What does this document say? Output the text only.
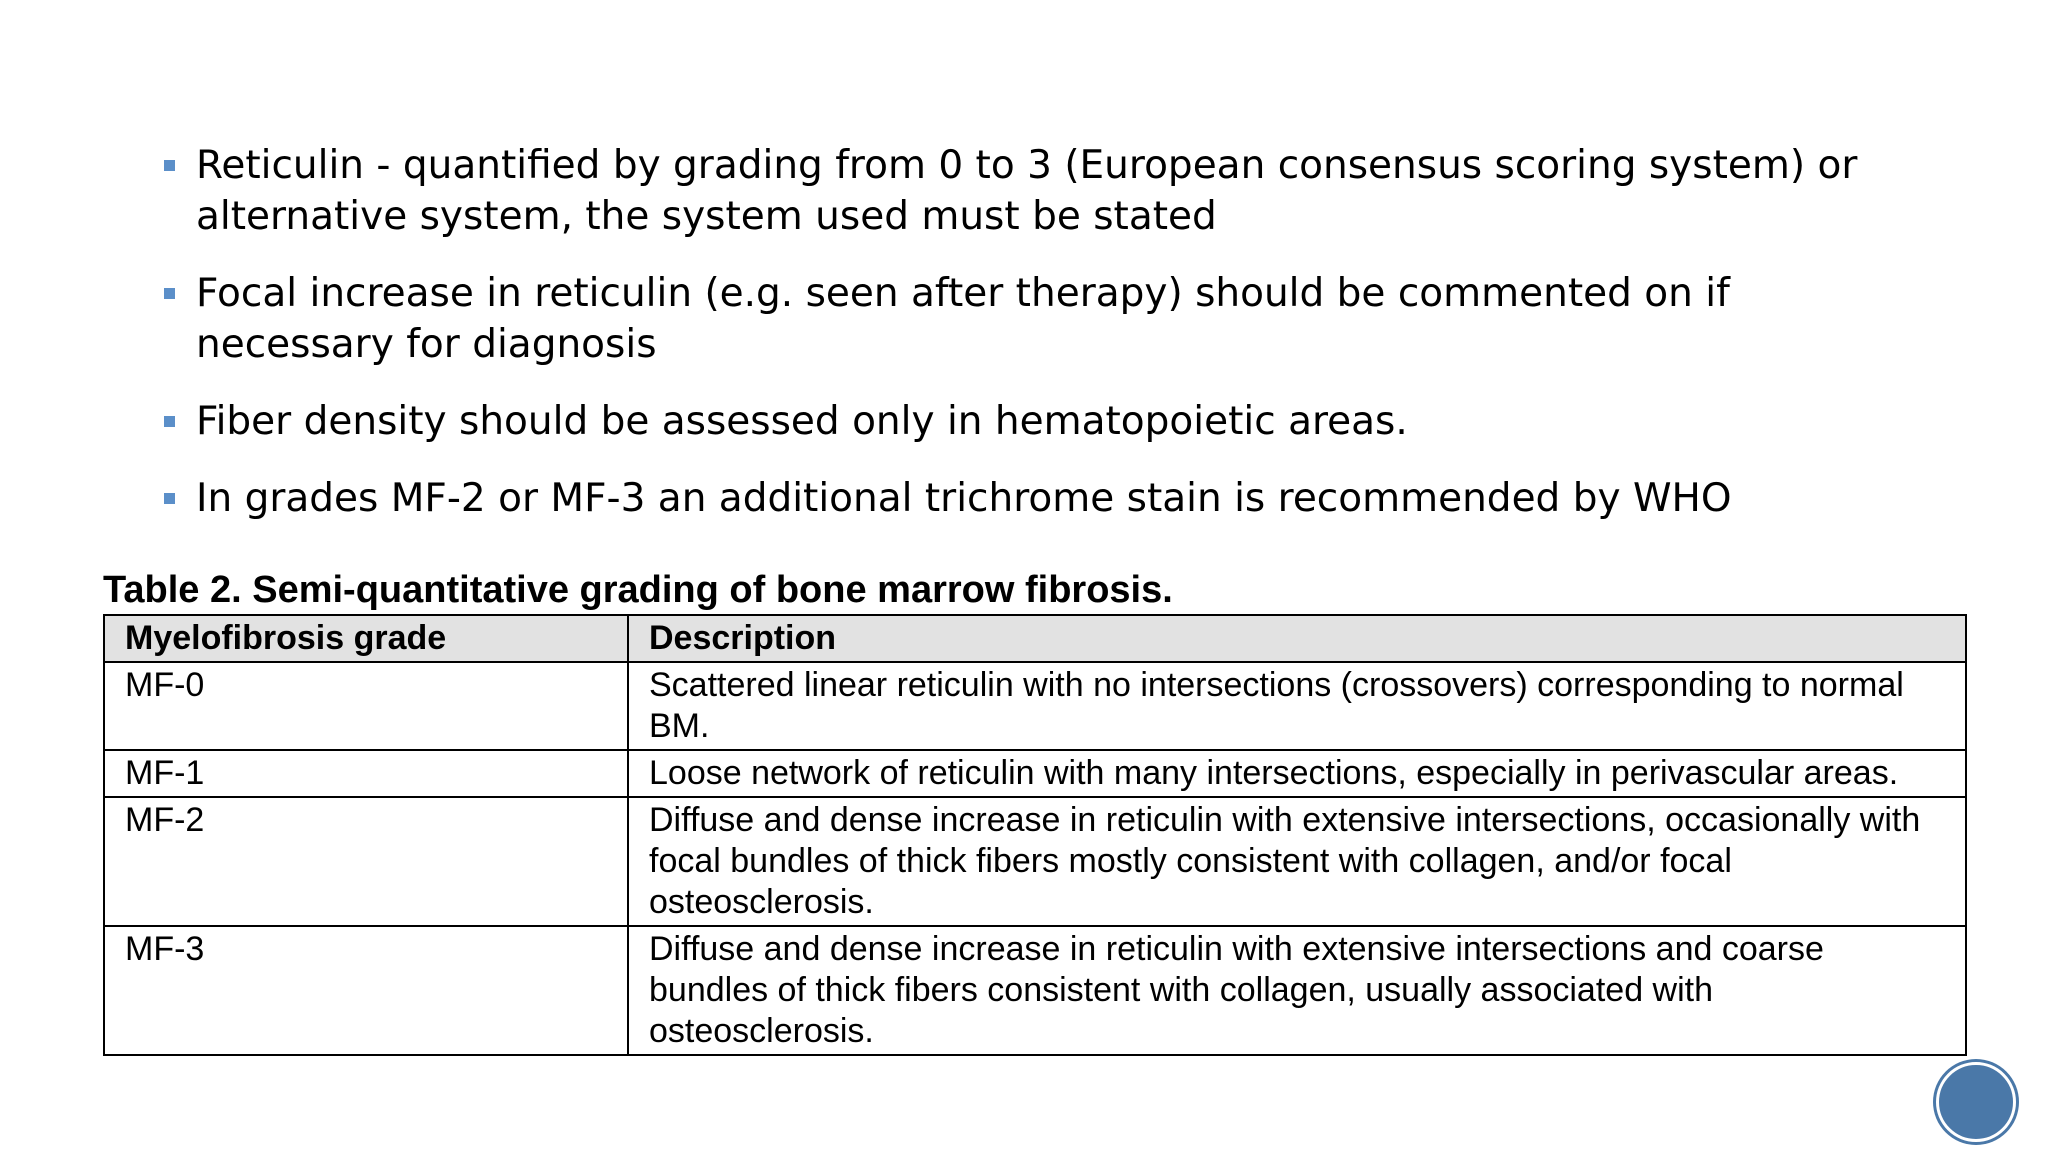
Reticulin - quantified by grading from 0 to 3 (European consensus scoring system) or alternative system, the system used must be stated
Focal increase in reticulin (e.g. seen after therapy) should be commented on if necessary for diagnosis
Fiber density should be assessed only in hematopoietic areas.
In grades MF-2 or MF-3 an additional trichrome stain is recommended by WHO
Table 2. Semi-quantitative grading of bone marrow fibrosis.
Myelofibrosis grade	Description
MF-0	Scattered linear reticulin with no intersections (crossovers) corresponding to normal BM.
MF-1	Loose network of reticulin with many intersections, especially in perivascular areas.
MF-2	Diffuse and dense increase in reticulin with extensive intersections, occasionally with focal bundles of thick fibers mostly consistent with collagen, and/or focal osteosclerosis.
MF-3	Diffuse and dense increase in reticulin with extensive intersections and coarse bundles of thick fibers consistent with collagen, usually associated with osteosclerosis.
